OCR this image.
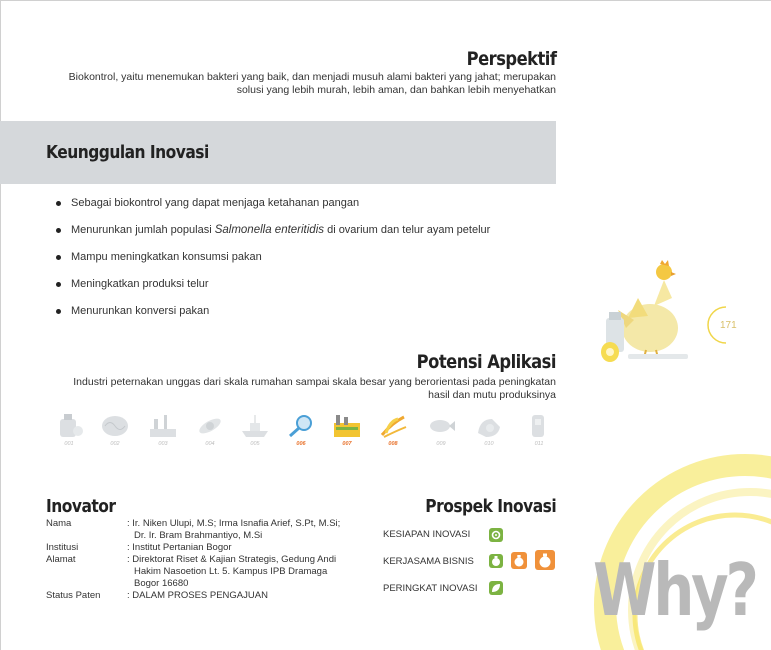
171
Perspektif
Biokontrol, yaitu menemukan bakteri yang baik, dan menjadi musuh alami bakteri yang jahat; merupakan
solusi yang lebih murah, lebih aman, dan bahkan lebih menyehatkan
Keunggulan Inovasi
Sebagai biokontrol yang dapat menjaga ketahanan pangan
Menurunkan jumlah populasi Salmonella enteritidis di ovarium dan telur ayam petelur
Mampu meningkatkan konsumsi pakan
Meningkatkan produksi telur
Menurunkan konversi pakan
Potensi Aplikasi
Industri peternakan unggas dari skala rumahan sampai skala besar yang berorientasi pada peningkatan
hasil dan mutu produksinya
001	002	003	004	005	006	007	008	009	010	011
Inovator
Nama	: Ir. Niken Ulupi, M.S; Irma Isnafia Arief, S.Pt, M.Si;
Dr. Ir. Bram Brahmantiyo, M.Si
Institusi	: Institut Pertanian Bogor
Alamat	: Direktorat Riset & Kajian Strategis, Gedung Andi
Hakim Nasoetion Lt. 5. Kampus IPB Dramaga
Bogor 16680
Status Paten	: DALAM PROSES PENGAJUAN
Prospek Inovasi
KESIAPAN INOVASI
KERJASAMA BISNIS
PERINGKAT INOVASI Why?
